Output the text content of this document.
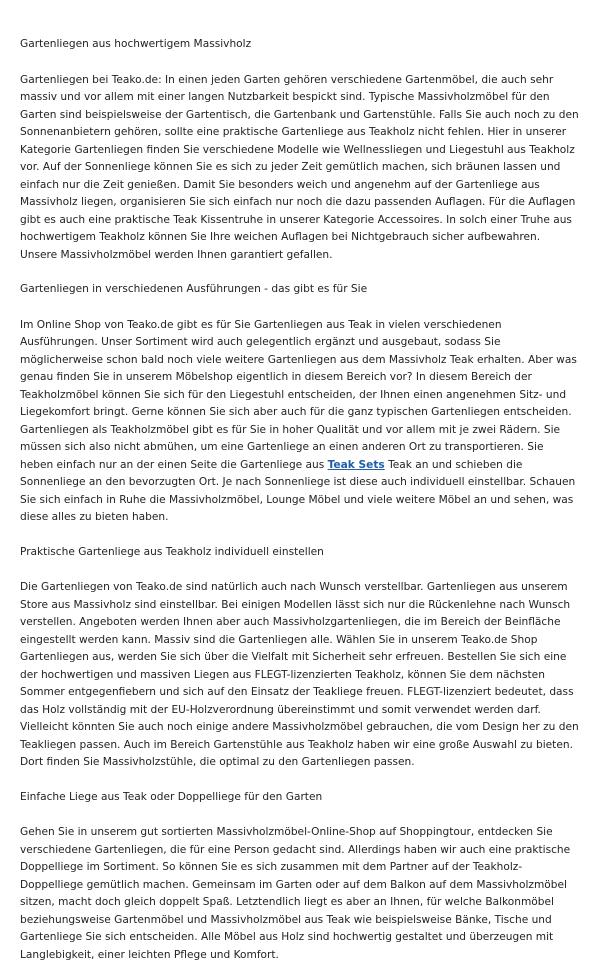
Gartenliegen aus hochwertigem Massivholz

Gartenliegen bei Teako.de: In einen jeden Garten gehören verschiedene Gartenmöbel, die auch sehr massiv und vor allem mit einer langen Nutzbarkeit bespickt sind. Typische Massivholzmöbel für den Garten sind beispielsweise der Gartentisch, die Gartenbank und Gartenstühle. Falls Sie auch noch zu den Sonnenanbietern gehören, sollte eine praktische Gartenliege aus Teakholz nicht fehlen. Hier in unserer Kategorie Gartenliegen finden Sie verschiedene Modelle wie Wellnessliegen und Liegestuhl aus Teakholz vor. Auf der Sonnenliege können Sie es sich zu jeder Zeit gemütlich machen, sich bräunen lassen und einfach nur die Zeit genießen. Damit Sie besonders weich und angenehm auf der Gartenliege aus Massivholz liegen, organisieren Sie sich einfach nur noch die dazu passenden Auflagen. Für die Auflagen gibt es auch eine praktische Teak Kissentruhe in unserer Kategorie Accessoires. In solch einer Truhe aus hochwertigem Teakholz können Sie Ihre weichen Auflagen bei Nichtgebrauch sicher aufbewahren. Unsere Massivholzmöbel werden Ihnen garantiert gefallen.

Gartenliegen in verschiedenen Ausführungen - das gibt es für Sie

Im Online Shop von Teako.de gibt es für Sie Gartenliegen aus Teak in vielen verschiedenen Ausführungen. Unser Sortiment wird auch gelegentlich ergänzt und ausgebaut, sodass Sie möglicherweise schon bald noch viele weitere Gartenliegen aus dem Massivholz Teak erhalten. Aber was genau finden Sie in unserem Möbelshop eigentlich in diesem Bereich vor? In diesem Bereich der Teakholzmöbel können Sie sich für den Liegestuhl entscheiden, der Ihnen einen angenehmen Sitz- und Liegekomfort bringt. Gerne können Sie sich aber auch für die ganz typischen Gartenliegen entscheiden. Gartenliegen als Teakholzmöbel gibt es für Sie in hoher Qualität und vor allem mit je zwei Rädern. Sie müssen sich also nicht abmühen, um eine Gartenliege an einen anderen Ort zu transportieren. Sie heben einfach nur an der einen Seite die Gartenliege aus Teak Sets Teak an und schieben die Sonnenliege an den bevorzugten Ort. Je nach Sonnenliege ist diese auch individuell einstellbar. Schauen Sie sich einfach in Ruhe die Massivholzmöbel, Lounge Möbel und viele weitere Möbel an und sehen, was diese alles zu bieten haben.

Praktische Gartenliege aus Teakholz individuell einstellen

Die Gartenliegen von Teako.de sind natürlich auch nach Wunsch verstellbar. Gartenliegen aus unserem Store aus Massivholz sind einstellbar. Bei einigen Modellen lässt sich nur die Rückenlehne nach Wunsch verstellen. Angeboten werden Ihnen aber auch Massivholzgartenliegen, die im Bereich der Beinfläche eingestellt werden kann. Massiv sind die Gartenliegen alle. Wählen Sie in unserem Teako.de Shop Gartenliegen aus, werden Sie sich über die Vielfalt mit Sicherheit sehr erfreuen. Bestellen Sie sich eine der hochwertigen und massiven Liegen aus FLEGT-lizenzierten Teakholz, können Sie dem nächsten Sommer entgegenfiebern und sich auf den Einsatz der Teakliege freuen. FLEGT-lizenziert bedeutet, dass das Holz vollständig mit der EU-Holzverordnung übereinstimmt und somit verwendet werden darf. Vielleicht könnten Sie auch noch einige andere Massivholzmöbel gebrauchen, die vom Design her zu den Teakliegen passen. Auch im Bereich Gartenstühle aus Teakholz haben wir eine große Auswahl zu bieten. Dort finden Sie Massivholzstühle, die optimal zu den Gartenliegen passen.

Einfache Liege aus Teak oder Doppelliege für den Garten

Gehen Sie in unserem gut sortierten Massivholzmöbel-Online-Shop auf Shoppingtour, entdecken Sie verschiedene Gartenliegen, die für eine Person gedacht sind. Allerdings haben wir auch eine praktische Doppelliege im Sortiment. So können Sie es sich zusammen mit dem Partner auf der Teakholz-Doppelliege gemütlich machen. Gemeinsam im Garten oder auf dem Balkon auf dem Massivholzmöbel sitzen, macht doch gleich doppelt Spaß. Letztendlich liegt es aber an Ihnen, für welche Balkonmöbel beziehungsweise Gartenmöbel und Massivholzmöbel aus Teak wie beispielsweise Bänke, Tische und Gartenliege Sie sich entscheiden. Alle Möbel aus Holz sind hochwertig gestaltet und überzeugen mit Langlebigkeit, einer leichten Pflege und Komfort.
